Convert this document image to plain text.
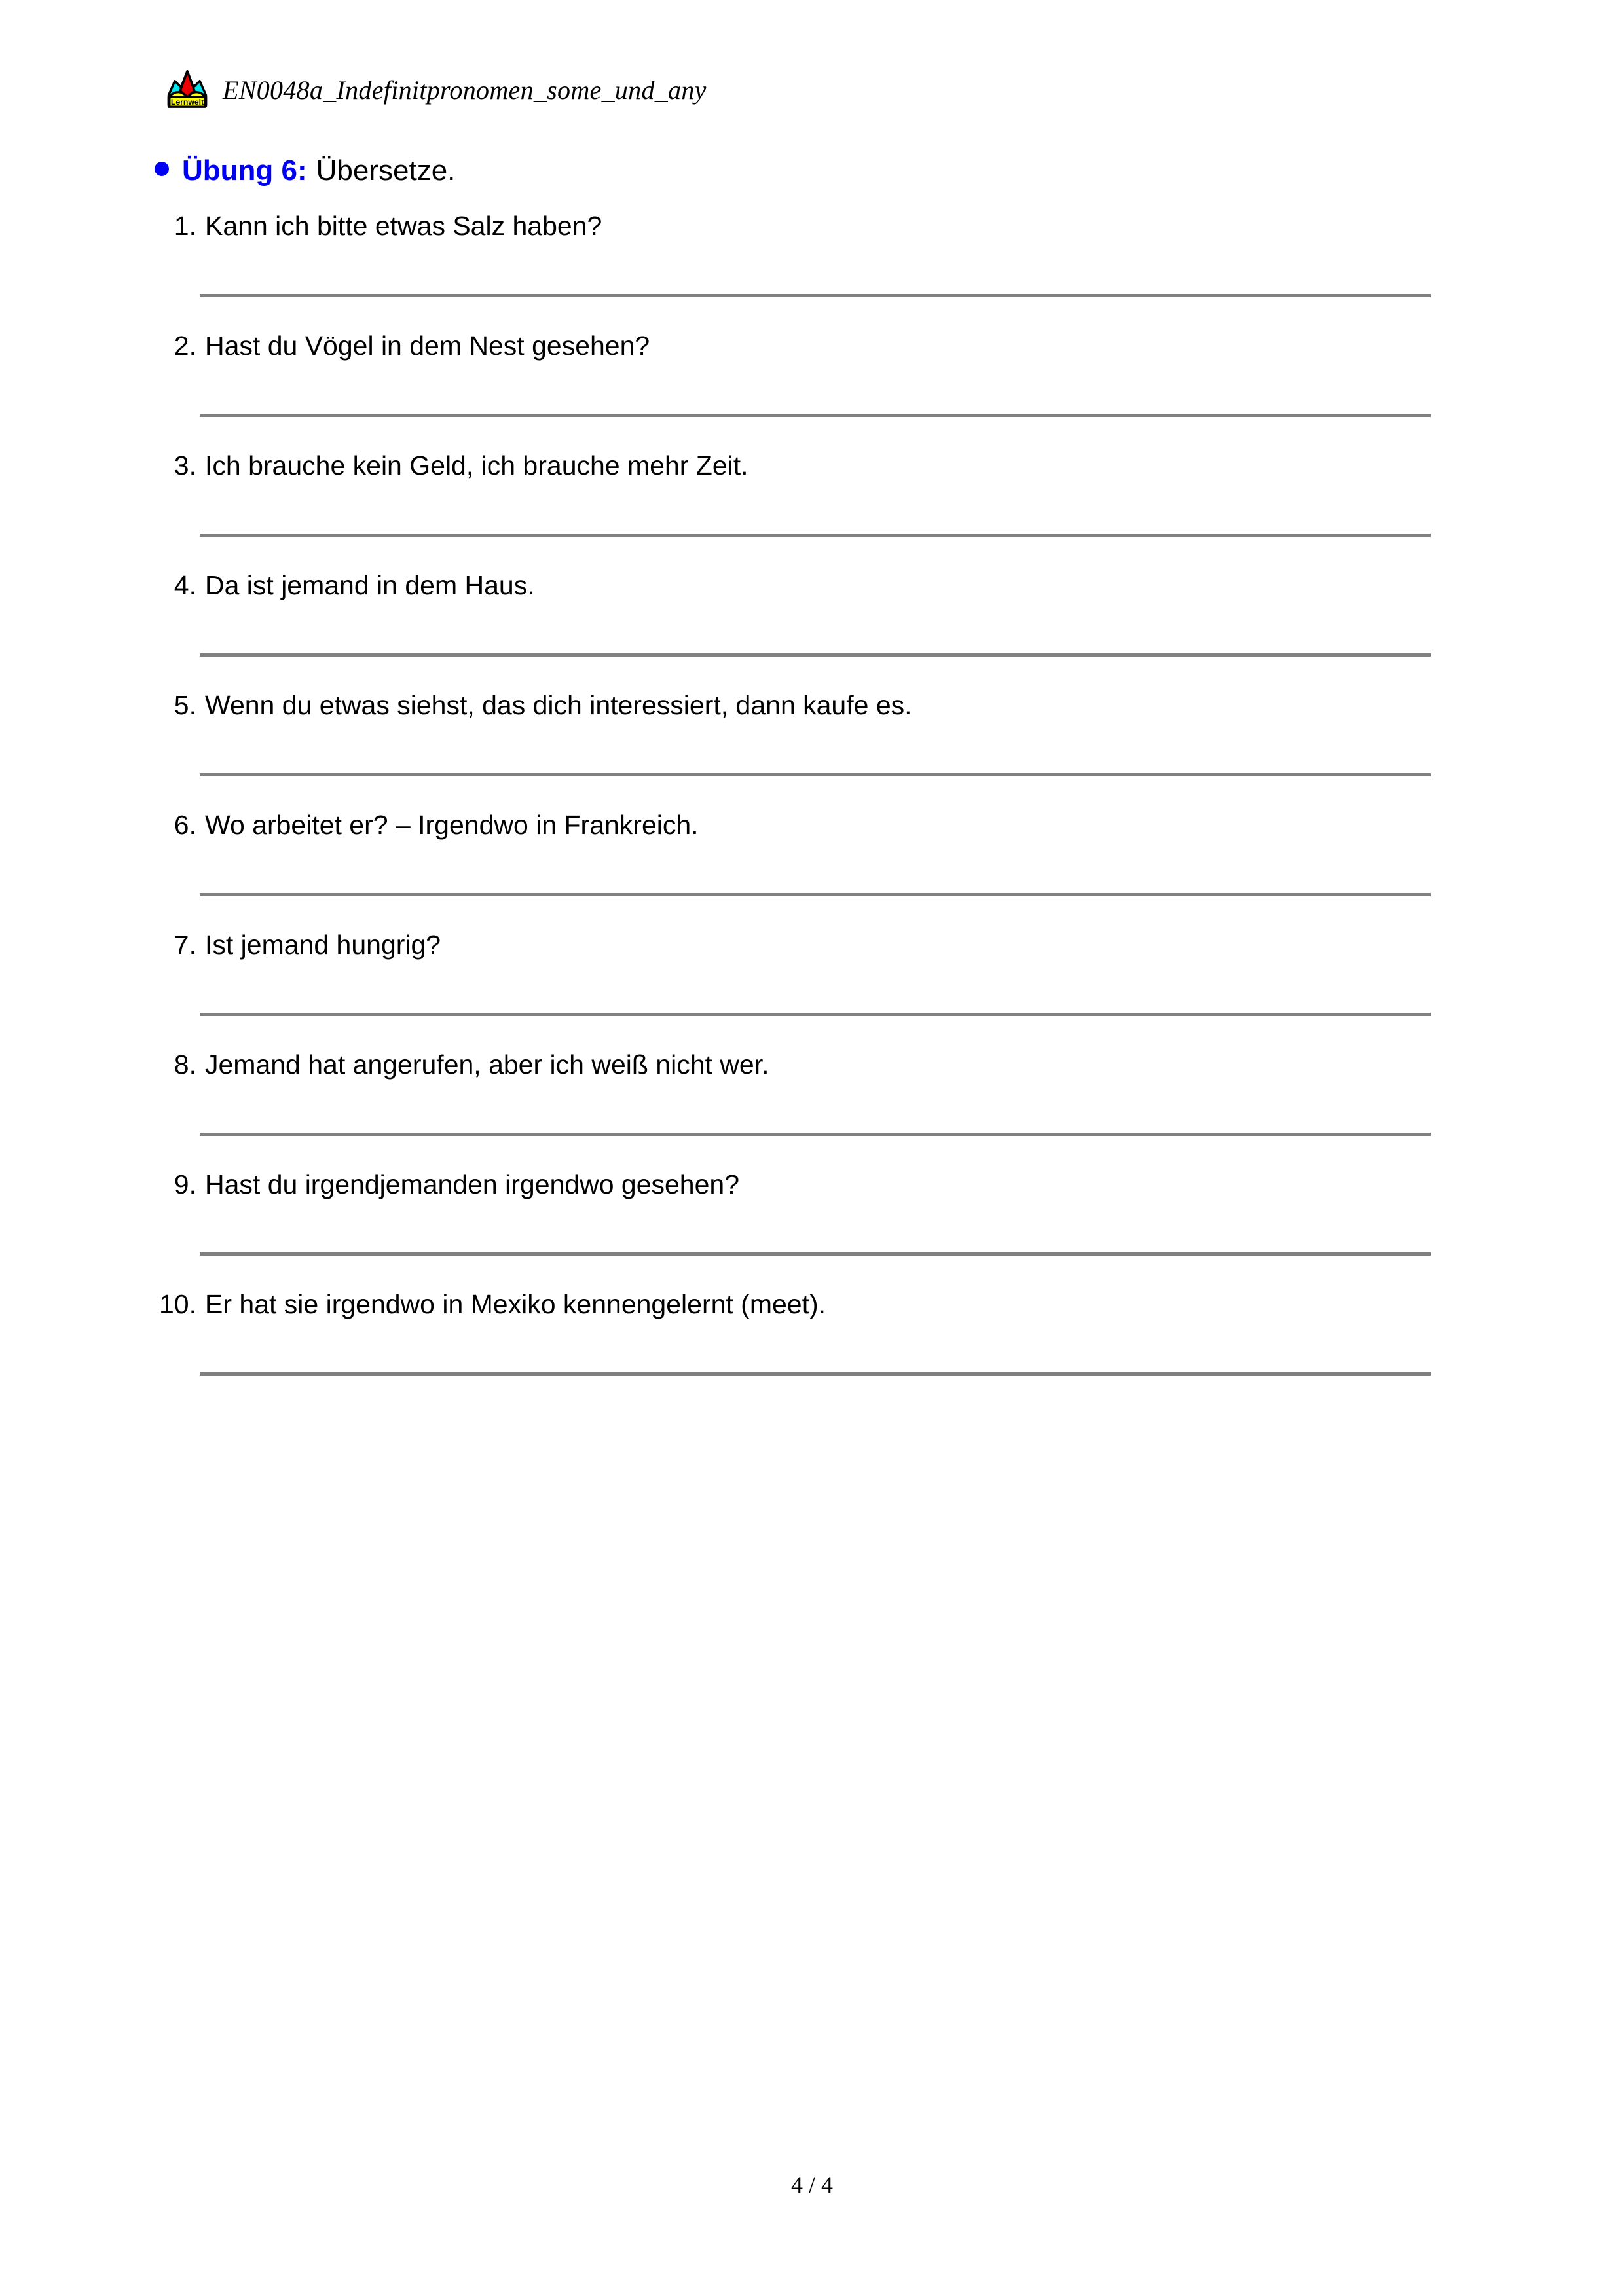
Lernwelt EN0048a_Indefinitpronomen_some_und_any
Übung 6: Übersetze.
1. Kann ich bitte etwas Salz haben?
2. Hast du Vögel in dem Nest gesehen?
3. Ich brauche kein Geld, ich brauche mehr Zeit.
4. Da ist jemand in dem Haus.
5. Wenn du etwas siehst, das dich interessiert, dann kaufe es.
6. Wo arbeitet er? – Irgendwo in Frankreich.
7. Ist jemand hungrig?
8. Jemand hat angerufen, aber ich weiß nicht wer.
9. Hast du irgendjemanden irgendwo gesehen?
10. Er hat sie irgendwo in Mexiko kennengelernt (meet).
4 / 4
